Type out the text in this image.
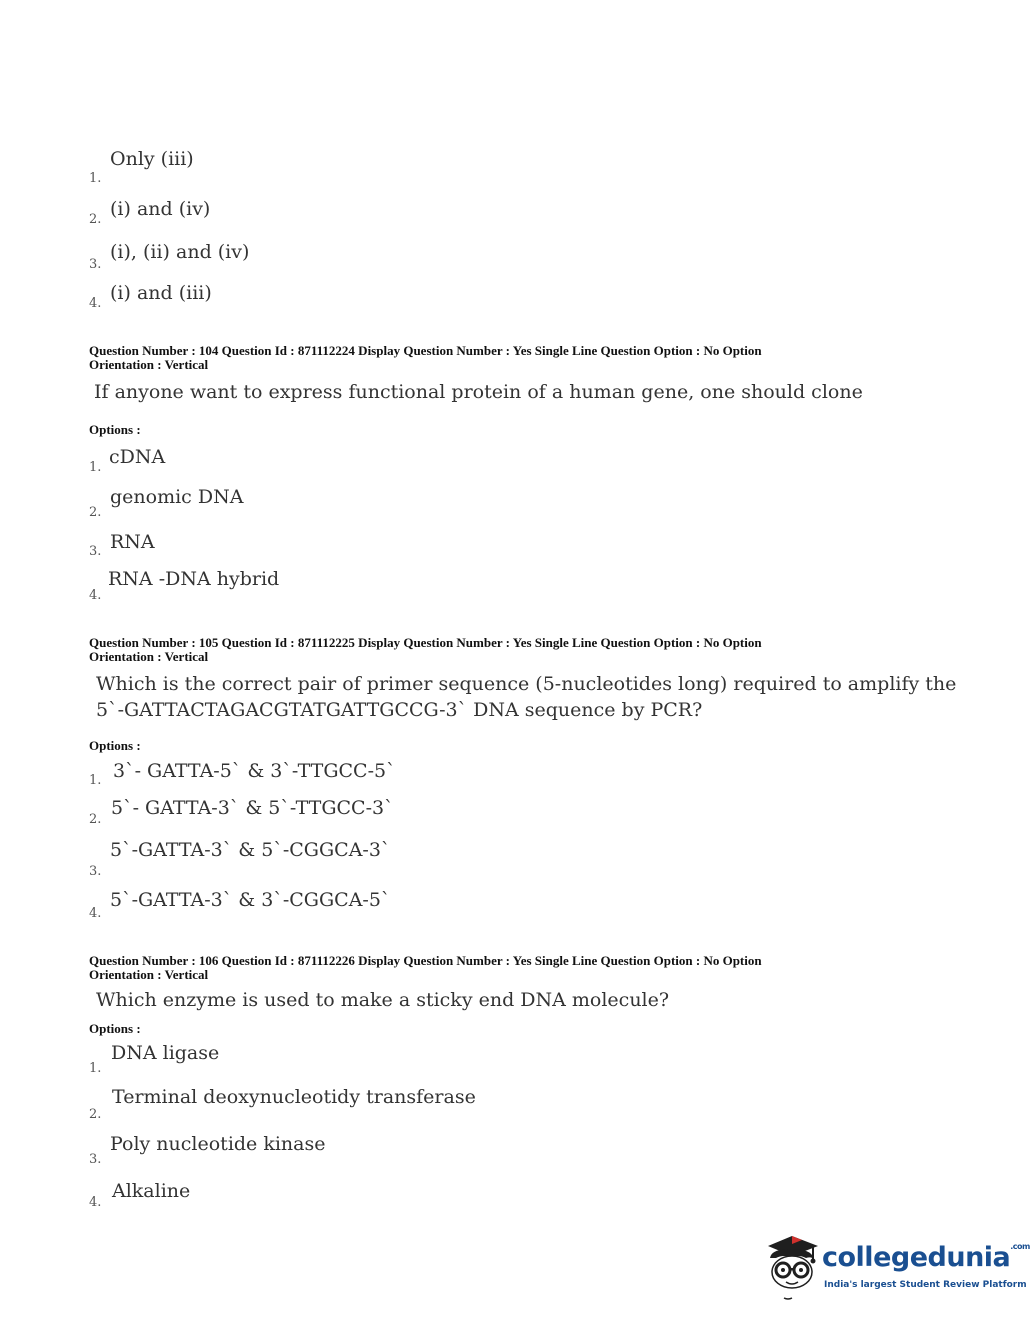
Only (iii)
1.
(i) and (iv)
2.
(i), (ii) and (iv)
3.
(i) and (iii)
4.
Question Number : 104 Question Id : 871112224 Display Question Number : Yes Single Line Question Option : No Option
Orientation : Vertical
If anyone want to express functional protein of a human gene, one should clone
Options :
cDNA
1.
genomic DNA
2.
RNA
3.
RNA -DNA hybrid
4.
Question Number : 105 Question Id : 871112225 Display Question Number : Yes Single Line Question Option : No Option
Orientation : Vertical
Which is the correct pair of primer sequence (5-nucleotides long) required to amplify the
5`-GATTACTAGACGTATGATTGCCG-3` DNA sequence by PCR?
Options :
3`- GATTA-5` & 3`-TTGCC-5`
1.
5`- GATTA-3` & 5`-TTGCC-3`
2.
5`-GATTA-3` & 5`-CGGCA-3`
3.
5`-GATTA-3` & 3`-CGGCA-5`
4.
Question Number : 106 Question Id : 871112226 Display Question Number : Yes Single Line Question Option : No Option
Orientation : Vertical
Which enzyme is used to make a sticky end DNA molecule?
Options :
DNA ligase
1.
Terminal deoxynucleotidy transferase
2.
Poly nucleotide kinase
3.
Alkaline
4.
collegedunia$^{.com}$
India's largest Student Review Platform
